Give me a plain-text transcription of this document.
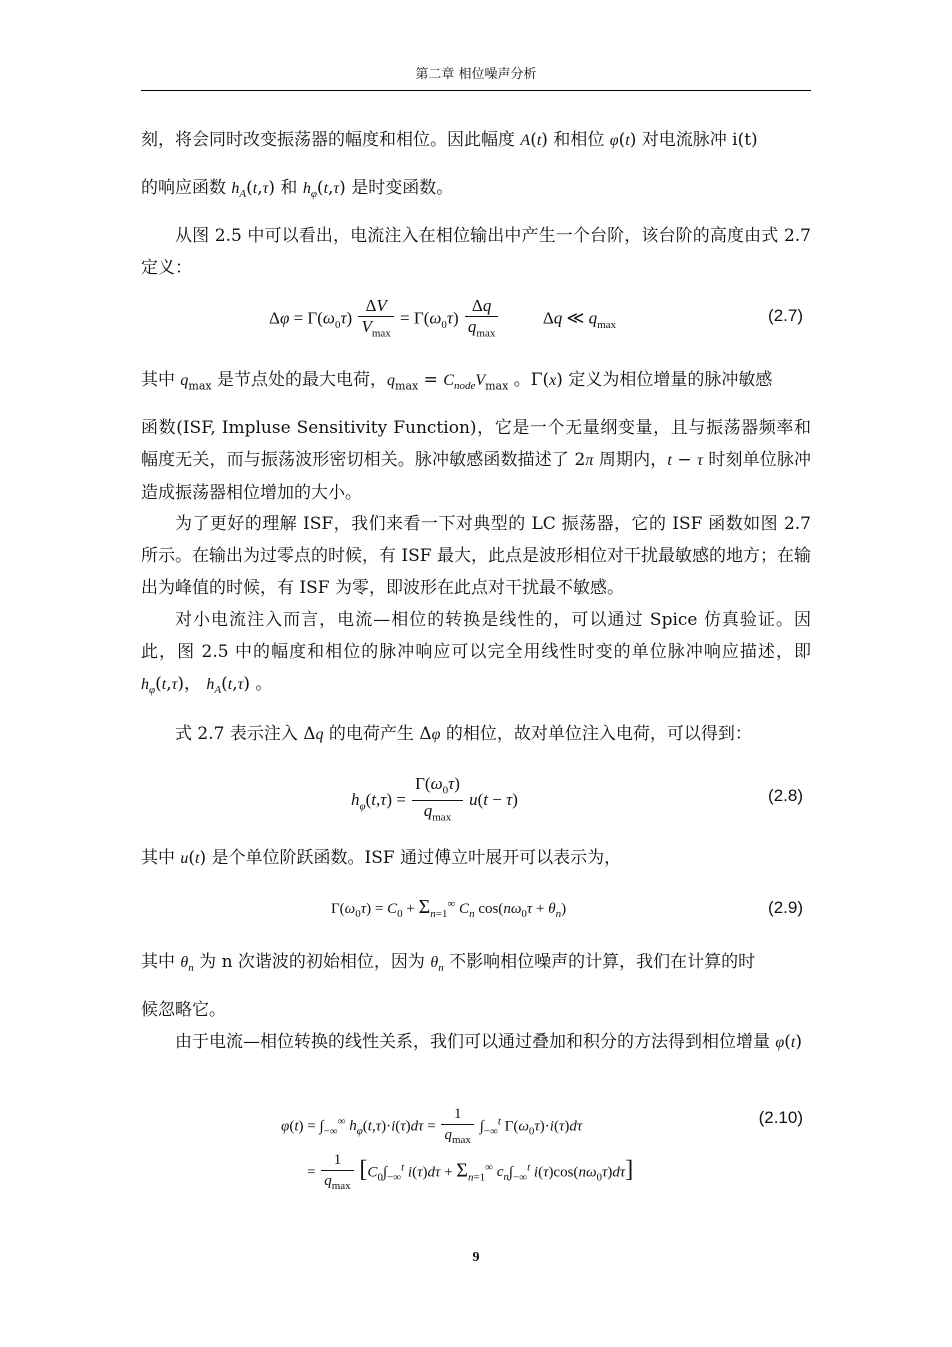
第二章 相位噪声分析

刻，将会同时改变振荡器的幅度和相位。因此幅度 A(t) 和相位 φ(t) 对电流脉冲 i(t)

的响应函数 $h_A(t,\tau)$ 和 $h_\varphi(t,\tau)$ 是时变函数。

从图 2.5 中可以看出，电流注入在相位输出中产生一个台阶，该台阶的高度由式 2.7 定义：

$\Delta\varphi = \Gamma(\omega_0\tau) \frac{\Delta V}{V_{max}} = \Gamma(\omega_0\tau) \frac{\Delta q}{q_{max}}$ Δq ≪ $q_{max}$	(2.7)

其中 $q_{max}$ 是节点处的最大电荷，$q_{max} = C_{node}V_{max}$ 。Γ(x) 定义为相位增量的脉冲敏感

函数(ISF, Impluse Sensitivity Function)，它是一个无量纲变量，且与振荡器频率和幅度无关，而与振荡波形密切相关。脉冲敏感函数描述了 2π 周期内，t − τ 时刻单位脉冲造成振荡器相位增加的大小。

为了更好的理解 ISF，我们来看一下对典型的 LC 振荡器，它的 ISF 函数如图 2.7 所示。在输出为过零点的时候，有 ISF 最大，此点是波形相位对干扰最敏感的地方；在输出为峰值的时候，有 ISF 为零，即波形在此点对干扰最不敏感。

对小电流注入而言，电流—相位的转换是线性的，可以通过 Spice 仿真验证。因此，图 2.5 中的幅度和相位的脉冲响应可以完全用线性时变的单位脉冲响应描述，即 $h_\varphi(t,\tau)$， $h_A(t,\tau)$ 。

式 2.7 表示注入 Δq 的电荷产生 Δφ 的相位，故对单位注入电荷，可以得到：

$h_\varphi(t,\tau) = \frac{\Gamma(\omega_0\tau)}{q_{max}} u(t - \tau)$	(2.8)

其中 u(t) 是个单位阶跃函数。ISF 通过傅立叶展开可以表示为，

$\Gamma(\omega_0\tau) = C_0 + \Sigma_{n=1}^\infty$ $C_n$ $\cos(n\omega_0\tau + \theta_n)$	(2.9)

其中 $\theta_n$ 为 n 次谐波的初始相位，因为 $\theta_n$ 不影响相位噪声的计算，我们在计算的时

候忽略它。

由于电流—相位转换的线性关系，我们可以通过叠加和积分的方法得到相位增量 φ(t)

$\varphi(t) = \int_{-\infty}^\infty$ $h_\varphi(t,\tau)\cdot i(\tau)d\tau = \frac{1}{q_{max}} \int_{-\infty}^t$ $\Gamma(\omega_0\tau)\cdot i(\tau)d\tau$
= $\frac{1}{q_{max}} [C_0\int_{-\infty}^t$ $i(\tau)d\tau + \Sigma_{n=1}^\infty$ $c_n\int_{-\infty}^t$ $i(\tau)\cos(n\omega_0\tau)d\tau$]
(2.10)
9
